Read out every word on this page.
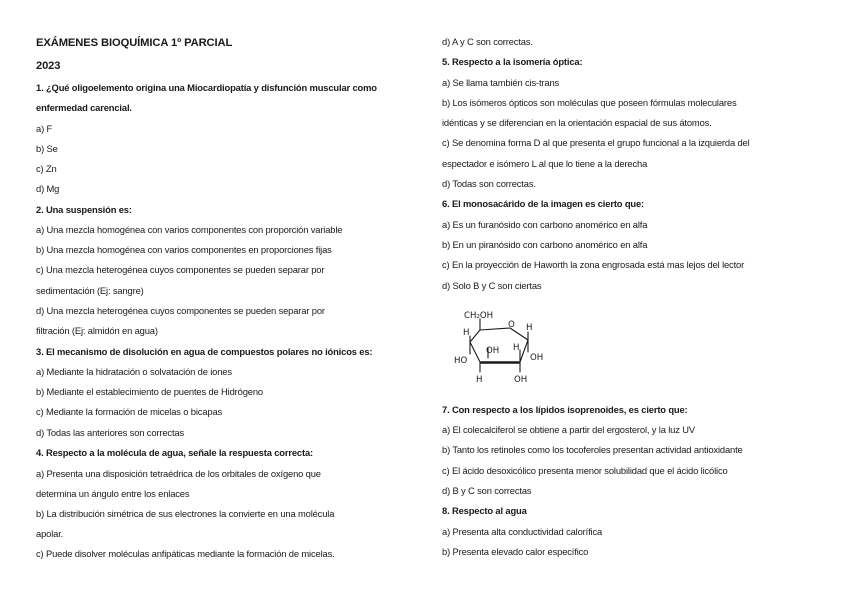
EXÁMENES BIOQUÍMICA 1º PARCIAL
2023
1. ¿Qué oligoelemento origina una Miocardiopatía y disfunción muscular como
enfermedad carencial.
a) F
b) Se
c) Zn
d) Mg
2. Una suspensión es:
a) Una mezcla homogénea con varios componentes con proporción variable
b) Una mezcla homogénea con varios componentes en proporciones fijas
c) Una mezcla heterogénea cuyos componentes se pueden separar por
sedimentación (Ej: sangre)
d) Una mezcla heterogénea cuyos componentes se pueden separar por
filtración (Ej: almidón en agua)
3. El mecanismo de disolución en agua de compuestos polares no iónicos es:
a) Mediante la hidratación o solvatación de iones
b) Mediante el establecimiento de puentes de Hidrógeno
c) Mediante la formación de micelas o bicapas
d) Todas las anteriores son correctas
4. Respecto a la molécula de agua, señale la respuesta correcta:
a) Presenta una disposición tetraédrica de los orbitales de oxígeno que
determina un ángulo entre los enlaces
b) La distribución simétrica de sus electrones la convierte en una molécula
apolar.
c) Puede disolver moléculas anfipáticas mediante la formación de micelas.
d) A y C son correctas.
5. Respecto a la isomería óptica:
a) Se llama también cis-trans
b) Los isómeros ópticos son moléculas que poseen fórmulas moleculares
idénticas y se diferencian en la orientación espacial de sus átomos.
c) Se denomina forma D al que presenta el grupo funcional a la izquierda del
espectador e isómero L al que lo tiene a la derecha
d) Todas son correctas.
6. El monosacárido de la imagen es cierto que:
a) Es un furanósido con carbono anomérico en alfa
b) En un piranósido con carbono anomérico en alfa
c) En la proyección de Haworth la zona engrosada está mas lejos del lector
d) Solo B y C son ciertas
CH₂OH
O H
H
OH H
OH
HO
H	OH
7. Con respecto a los lípidos isoprenoides, es cierto que:
a) El colecalciferol se obtiene a partir del ergosterol, y la luz UV
b) Tanto los retinoles como los tocoferoles presentan actividad antioxidante
c) El ácido desoxicólico presenta menor solubilidad que el ácido licólico
d) B y C son correctas
8. Respecto al agua
a) Presenta alta conductividad calorífica
b) Presenta elevado calor específico
